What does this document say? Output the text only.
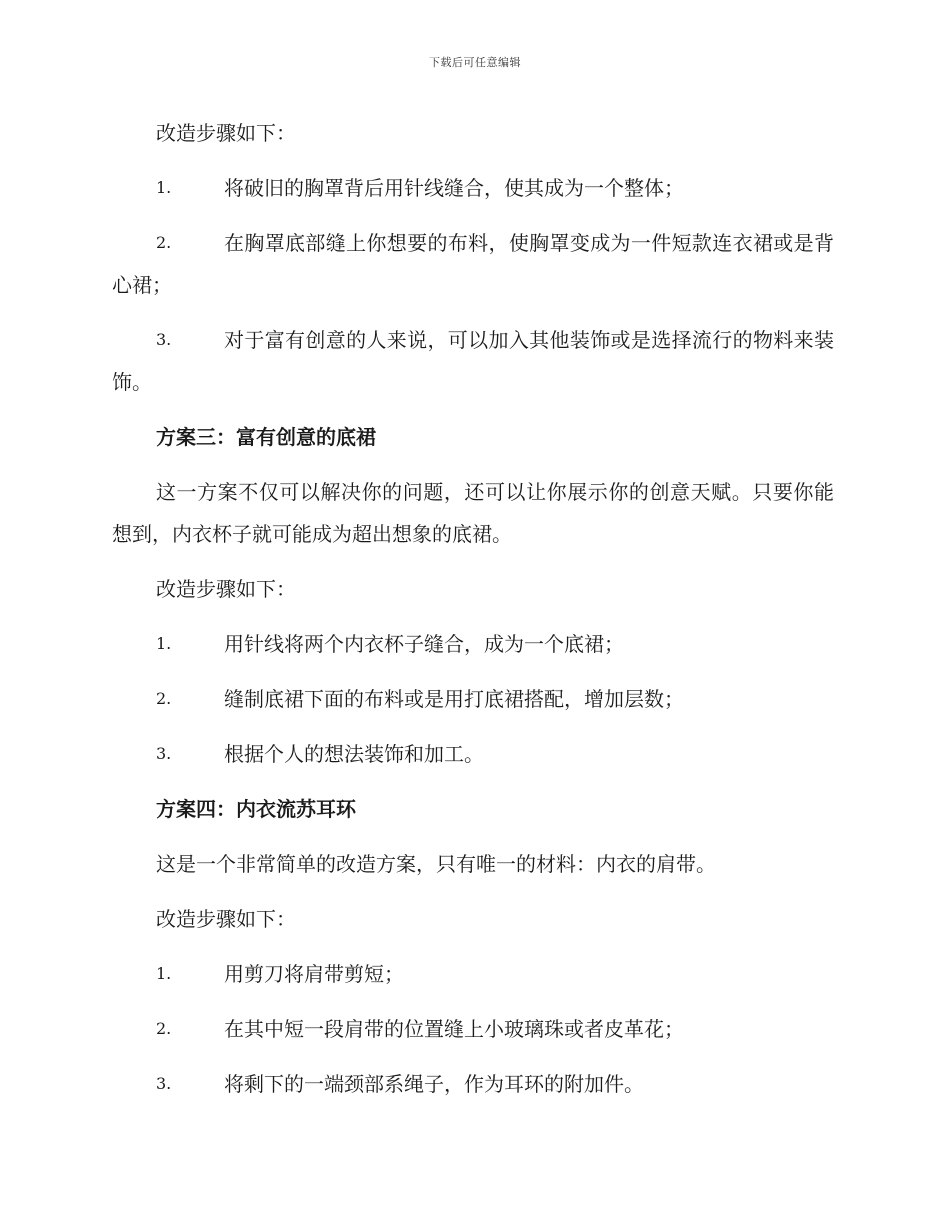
下载后可任意编辑

改造步骤如下：

1.	将破旧的胸罩背后用针线缝合，使其成为一个整体；

2.	在胸罩底部缝上你想要的布料，使胸罩变成为一件短款连衣裙或是背心裙；

3.	对于富有创意的人来说，可以加入其他装饰或是选择流行的物料来装饰。

方案三：富有创意的底裙

这一方案不仅可以解决你的问题，还可以让你展示你的创意天赋。只要你能想到，内衣杯子就可能成为超出想象的底裙。

改造步骤如下：

1.	用针线将两个内衣杯子缝合，成为一个底裙；

2.	缝制底裙下面的布料或是用打底裙搭配，增加层数；

3.	根据个人的想法装饰和加工。

方案四：内衣流苏耳环

这是一个非常简单的改造方案，只有唯一的材料：内衣的肩带。

改造步骤如下：

1.	用剪刀将肩带剪短；

2.	在其中短一段肩带的位置缝上小玻璃珠或者皮革花；

3.	将剩下的一端颈部系绳子，作为耳环的附加件。
